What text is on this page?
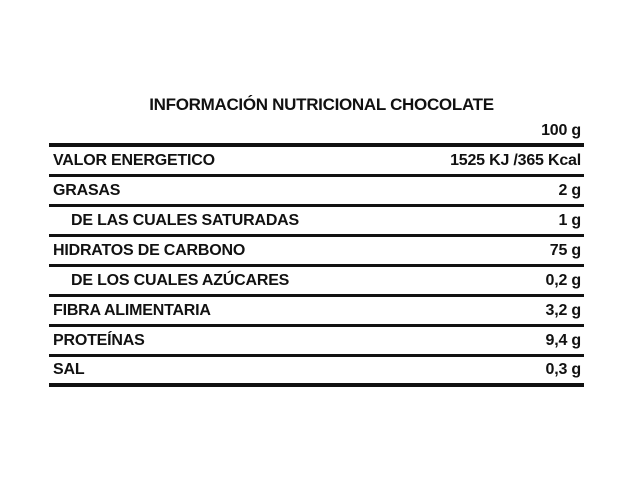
INFORMACIÓN NUTRICIONAL CHOCOLATE
100 g
VALOR ENERGETICO	1525 KJ /365 Kcal
GRASAS	2 g
DE LAS CUALES SATURADAS	1 g
HIDRATOS DE CARBONO	75 g
DE LOS CUALES AZÚCARES	0,2 g
FIBRA ALIMENTARIA	3,2 g
PROTEÍNAS	9,4 g
SAL	0,3 g
